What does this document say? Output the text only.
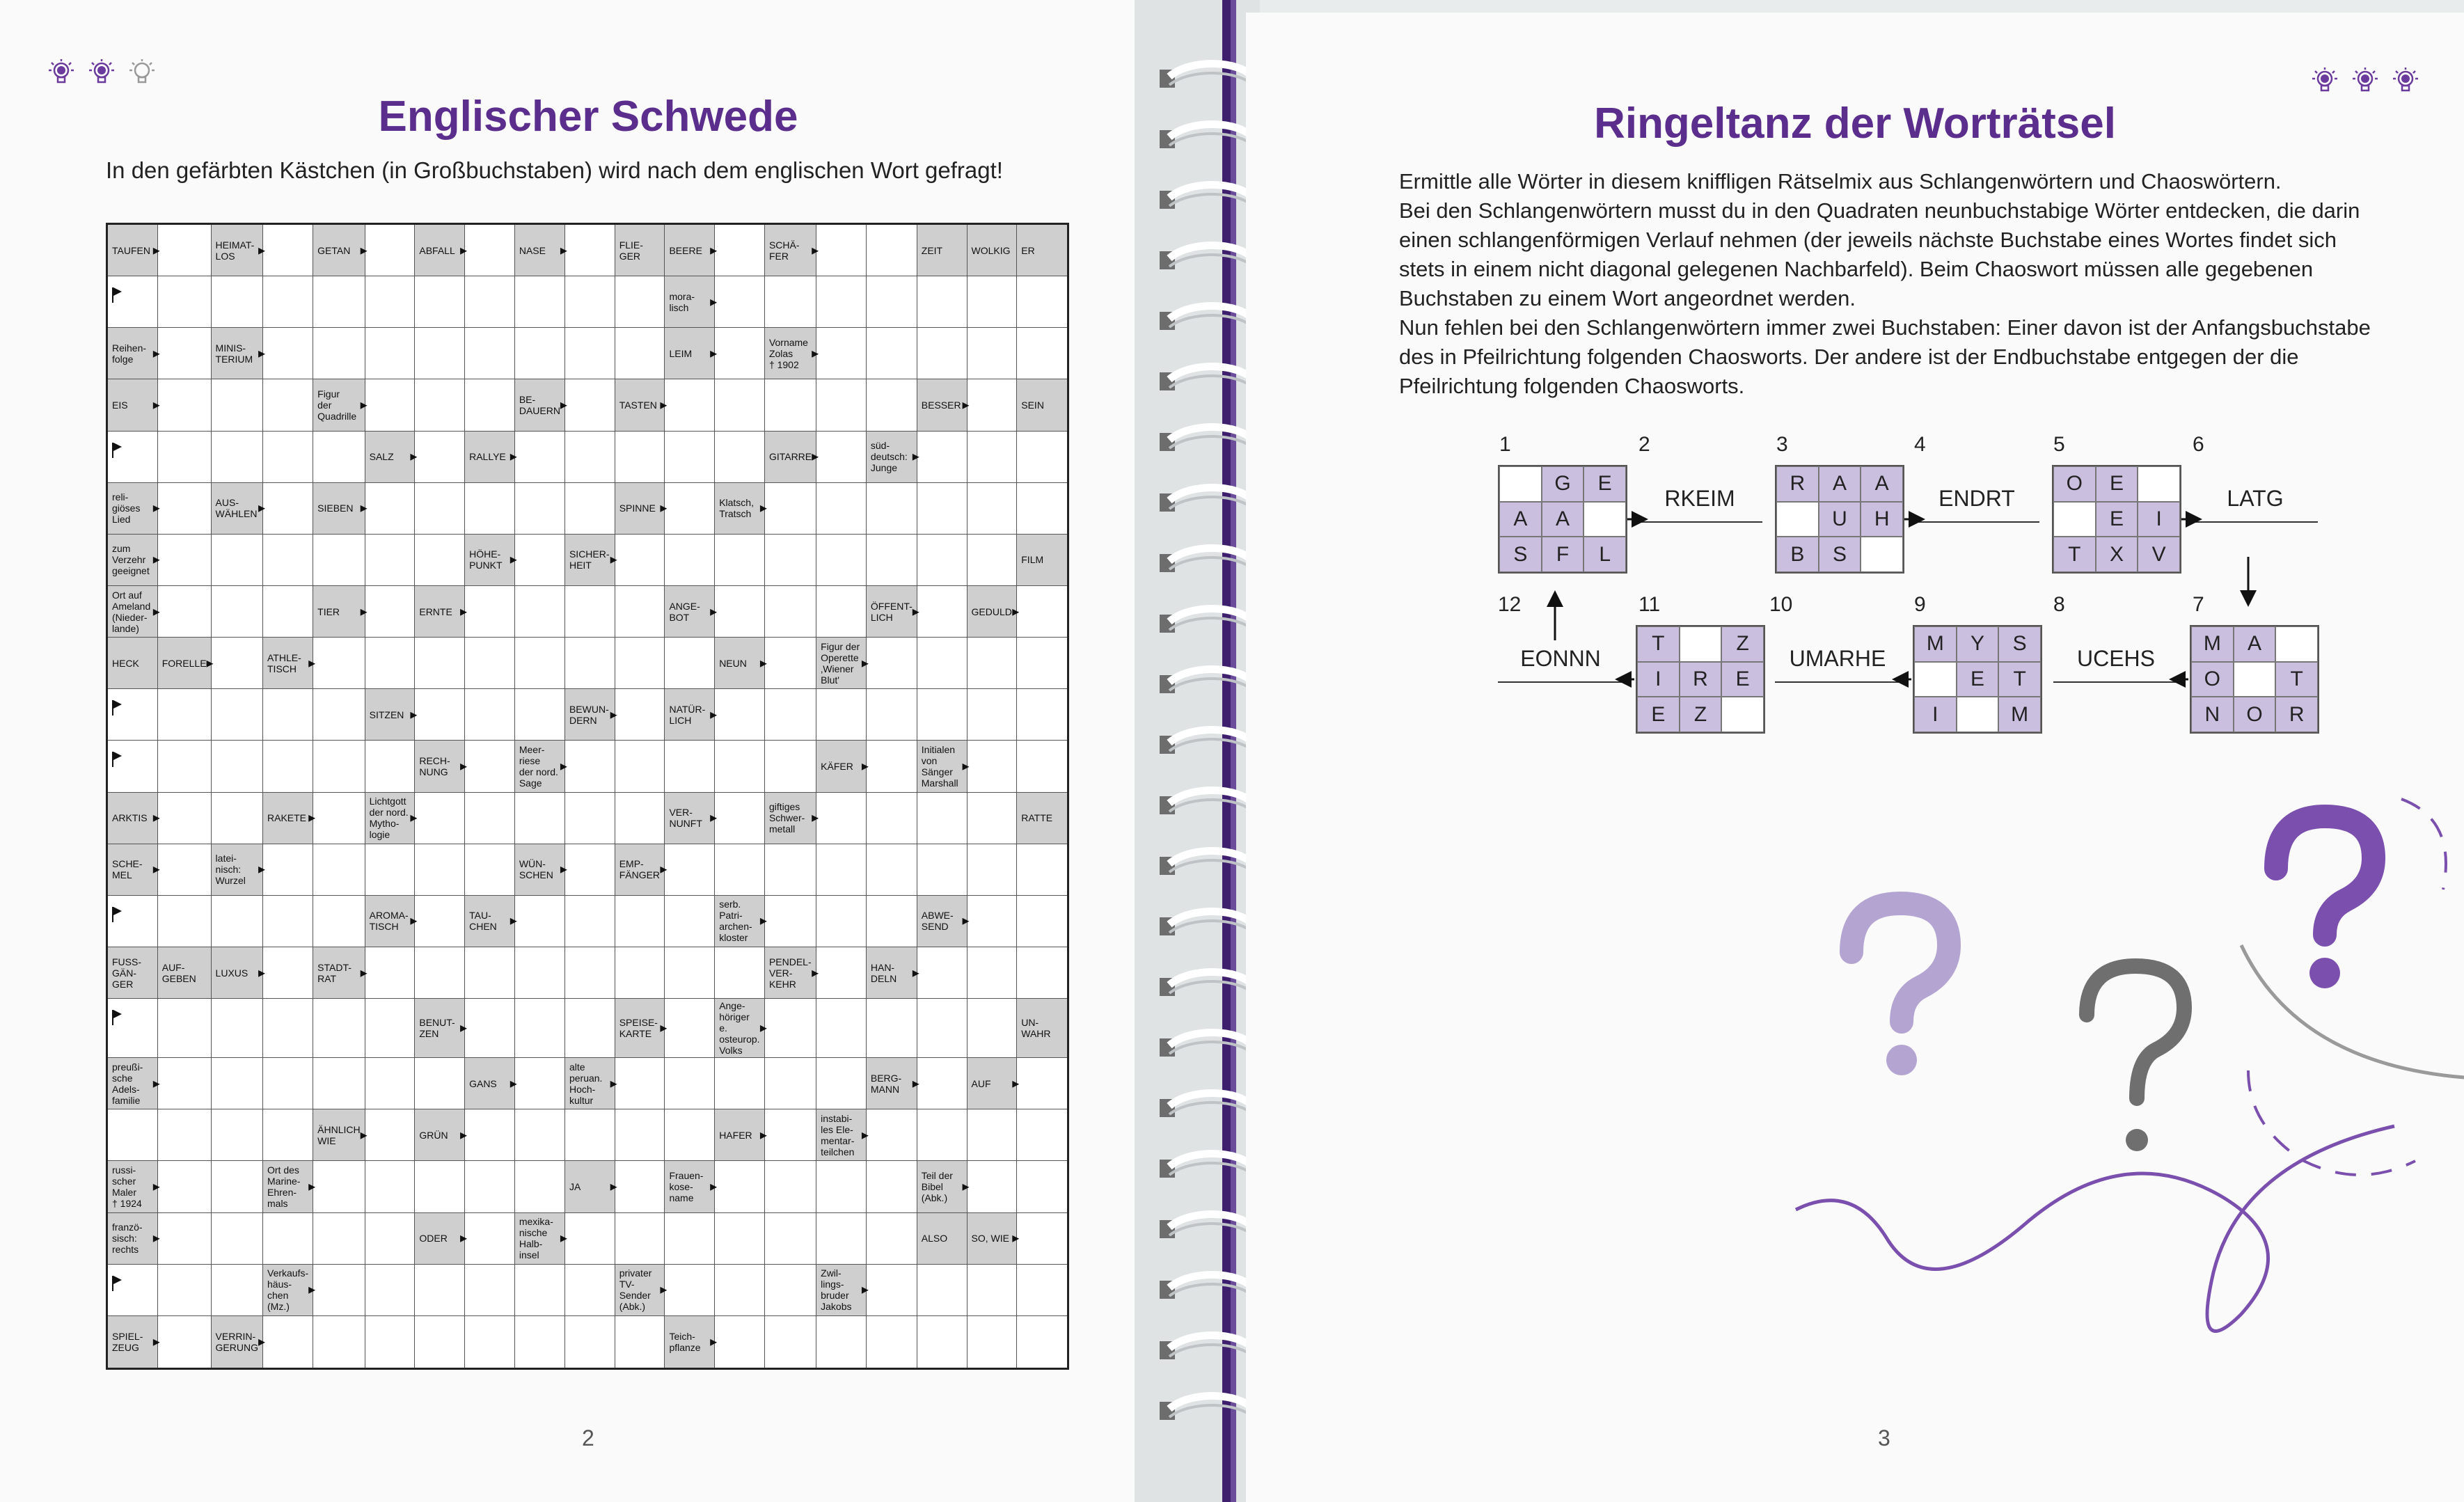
Englischer Schwede
In den gefärbten Kästchen (in Großbuchstaben) wird nach dem englischen Wort gefragt!
TAUFEN ▸	HEIMAT-
LOS ▸	GETAN ▸	ABFALL ▸	NASE ▸	FLIE-
GER	BEERE ▸	SCHÄ-
FER ▸	ZEIT	WOLKIG	ER
mora-
lisch ▸
Reihen-
folge ▸	MINIS-
TERIUM ▸	LEIM ▸
Vorname
Zolas
† 1902
▸
EIS ▸
Figur
der
Quadrille
▸	BE-
DAUERN ▸	TASTEN ▸	BESSER ▸	SEIN
SALZ ▸	RALLYE ▸	GITARRE ▸
süd-
deutsch:
Junge
▸
reli-
giöses
Lied
▸	AUS-
WÄHLEN ▸	SIEBEN ▸	SPINNE ▸	Klatsch,
Tratsch ▸
zum
Verzehr
geeignet
▸	HÖHE-
PUNKT ▸	SICHER-
HEIT ▸	FILM
Ort auf
Ameland
(Nieder-
lande)
▸	TIER ▸	ERNTE ▸	ANGE-
BOT ▸	ÖFFENT-
LICH ▸	GEDULD ▸
HECK	FORELLE ▸	ATHLE-
TISCH ▸	NEUN ▸
Figur der
Operette
‚Wiener
Blut'
▸
SITZEN ▸	BEWUN-
DERN ▸	NATÜR-
LICH ▸
RECH-
NUNG ▸
Meer-
riese
der nord.
Sage
▸	KÄFER ▸
Initialen
von
Sänger
Marshall
▸
ARKTIS ▸	RAKETE ▸
Lichtgott
der nord.
Mytho-
logie
▸	VER-
NUNFT ▸
giftiges
Schwer-
metall
▸	RATTE
SCHE-
MEL ▸
latei-
nisch:
Wurzel
▸	WÜN-
SCHEN ▸	EMP-
FÄNGER ▸
AROMA-
TISCH ▸	TAU-
CHEN ▸
serb.
Patri-
archen-
kloster
▸	ABWE-
SEND ▸
FUSS-
GÄN-
GER
AUF-
GEBEN	LUXUS ▸	STADT-
RAT ▸
PENDEL-
VER-
KEHR
▸	HAN-
DELN ▸
BENUT-
ZEN ▸	SPEISE-
KARTE ▸
Ange-
höriger e.
osteurop.
Volks
▸	UN-
WAHR
preußi-
sche
Adels-
familie
▸	GANS ▸
alte
peruan.
Hoch-
kultur
▸	BERG-
MANN ▸	AUF ▸
ÄHNLICH
WIE ▸	GRÜN ▸	HAFER ▸
instabi-
les Ele-
mentar-
teilchen
▸
russi-
scher
Maler
† 1924
▸
Ort des
Marine-
Ehren-
mals
▸	JA ▸
Frauen-
kose-
name
▸
Teil der
Bibel
(Abk.)
▸
franzö-
sisch:
rechts
▸	ODER ▸
mexika-
nische
Halb-
insel
▸	ALSO	SO, WIE ▸
Verkaufs-
häus-
chen
(Mz.)
▸
privater
TV-
Sender
(Abk.)
▸
Zwil-
lings-
bruder
Jakobs
▸
SPIEL-
ZEUG ▸	VERRIN-
GERUNG ▸	Teich-
pflanze ▸
2
Ringeltanz der Worträtsel

Ermittle alle Wörter in diesem kniffligen Rätselmix aus Schlangenwörtern und Chaoswörtern.

Bei den Schlangenwörtern musst du in den Quadraten neunbuchstabige Wörter entdecken, die darin einen schlangenförmigen Verlauf nehmen (der jeweils nächste Buchstabe eines Wortes findet sich stets in einem nicht diagonal gelegenen Nachbarfeld). Beim Chaoswort müssen alle gegebenen Buchstaben zu einem Wort angeordnet werden.

Nun fehlen bei den Schlangenwörtern immer zwei Buchstaben: Einer davon ist der Anfangsbuchstabe des in Pfeilrichtung folgenden Chaosworts. Der andere ist der Endbuchstabe entgegen der die Pfeilrichtung folgenden Chaosworts.

1	2	3	4	5	6
7
8
9
10
11
12
G	E
A	A
S	F	L
R	A	A
U	H
B	S
O	E
E	I
T	X	V
M	A
O	T
N	O	R
M	Y	S
E	T
I	M
T	Z
I	R	E
E	Z
RKEIM	ENDRT	LATG
UCEHS
UMARHE
EONNN
3
